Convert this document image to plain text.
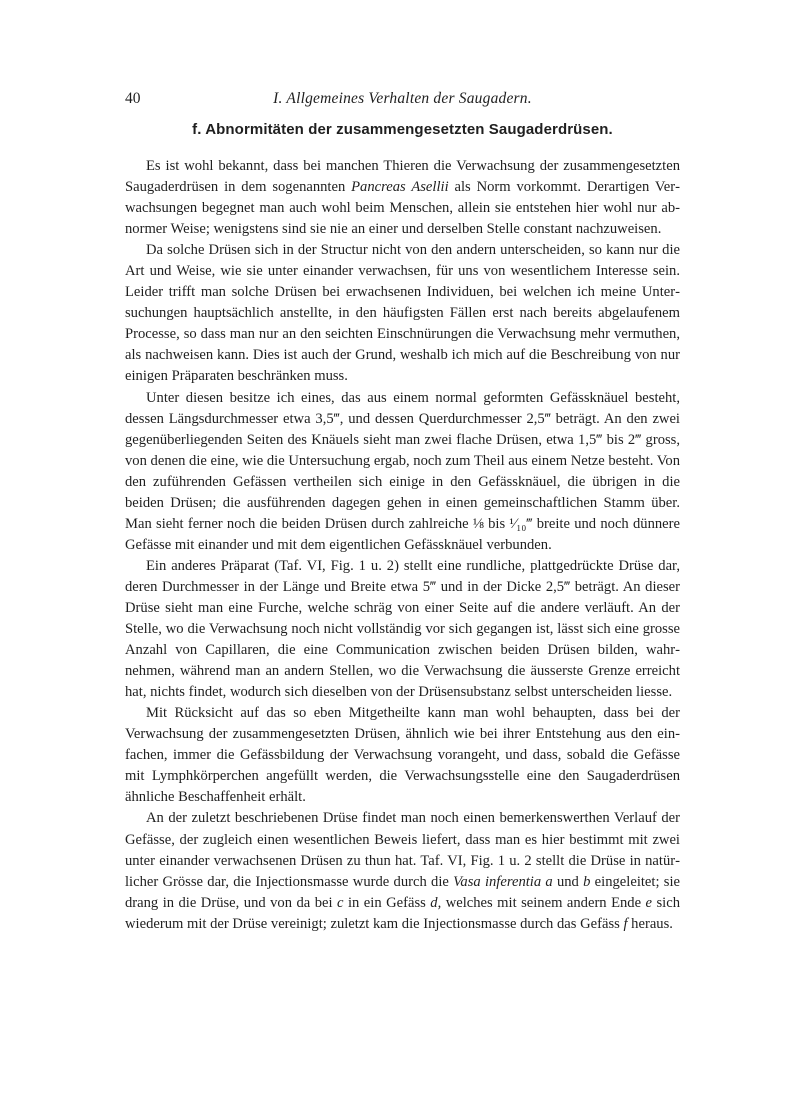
40	I. Allgemeines Verhalten der Saugadern.
f. Abnormitäten der zusammengesetzten Saugaderdrüsen.

Es ist wohl bekannt, dass bei manchen Thieren die Verwachsung der zusammengesetzten Saugaderdrüsen in dem sogenannten Pancreas Asellii als Norm vorkommt. Derartigen Verwachsungen begegnet man auch wohl beim Menschen, allein sie entstehen hier wohl nur abnormer Weise; wenigstens sind sie nie an einer und derselben Stelle constant nachzuweisen.

Da solche Drüsen sich in der Structur nicht von den andern unterscheiden, so kann nur die Art und Weise, wie sie unter einander verwachsen, für uns von wesentlichem Interesse sein. Leider trifft man solche Drüsen bei erwachsenen Individuen, bei welchen ich meine Untersuchungen hauptsächlich anstellte, in den häufigsten Fällen erst nach bereits abgelaufenem Processe, so dass man nur an den seichten Einschnürungen die Verwachsung mehr vermuthen, als nachweisen kann. Dies ist auch der Grund, weshalb ich mich auf die Beschreibung von nur einigen Präparaten beschränken muss.

Unter diesen besitze ich eines, das aus einem normal geformten Gefässknäuel besteht, dessen Längsdurchmesser etwa 3,5‴, und dessen Querdurchmesser 2,5‴ beträgt. An den zwei gegenüberliegenden Seiten des Knäuels sieht man zwei flache Drüsen, etwa 1,5‴ bis 2‴ gross, von denen die eine, wie die Untersuchung ergab, noch zum Theil aus einem Netze besteht. Von den zuführenden Gefässen vertheilen sich einige in den Gefässknäuel, die übrigen in die beiden Drüsen; die ausführenden dagegen gehen in einen gemeinschaftlichen Stamm über. Man sieht ferner noch die beiden Drüsen durch zahlreiche ⅛ bis ¹⁄₁₀‴ breite und noch dünnere Gefässe mit einander und mit dem eigentlichen Gefässknäuel verbunden.

Ein anderes Präparat (Taf. VI, Fig. 1 u. 2) stellt eine rundliche, plattgedrückte Drüse dar, deren Durchmesser in der Länge und Breite etwa 5‴ und in der Dicke 2,5‴ beträgt. An dieser Drüse sieht man eine Furche, welche schräg von einer Seite auf die andere verläuft. An der Stelle, wo die Verwachsung noch nicht vollständig vor sich gegangen ist, lässt sich eine grosse Anzahl von Capillaren, die eine Communication zwischen beiden Drüsen bilden, wahrnehmen, während man an andern Stellen, wo die Verwachsung die äusserste Grenze erreicht hat, nichts findet, wodurch sich dieselben von der Drüsensubstanz selbst unterscheiden liesse.

Mit Rücksicht auf das so eben Mitgetheilte kann man wohl behaupten, dass bei der Verwachsung der zusammengesetzten Drüsen, ähnlich wie bei ihrer Entstehung aus den einfachen, immer die Gefässbildung der Verwachsung vorangeht, und dass, sobald die Gefässe mit Lymphkörperchen angefüllt werden, die Verwachsungsstelle eine den Saugaderdrüsen ähnliche Beschaffenheit erhält.

An der zuletzt beschriebenen Drüse findet man noch einen bemerkenswerthen Verlauf der Gefässe, der zugleich einen wesentlichen Beweis liefert, dass man es hier bestimmt mit zwei unter einander verwachsenen Drüsen zu thun hat. Taf. VI, Fig. 1 u. 2 stellt die Drüse in natürlicher Grösse dar, die Injectionsmasse wurde durch die Vasa inferentia a und b eingeleitet; sie drang in die Drüse, und von da bei c in ein Gefäss d, welches mit seinem andern Ende e sich wiederum mit der Drüse vereinigt; zuletzt kam die Injectionsmasse durch das Gefäss f heraus.
